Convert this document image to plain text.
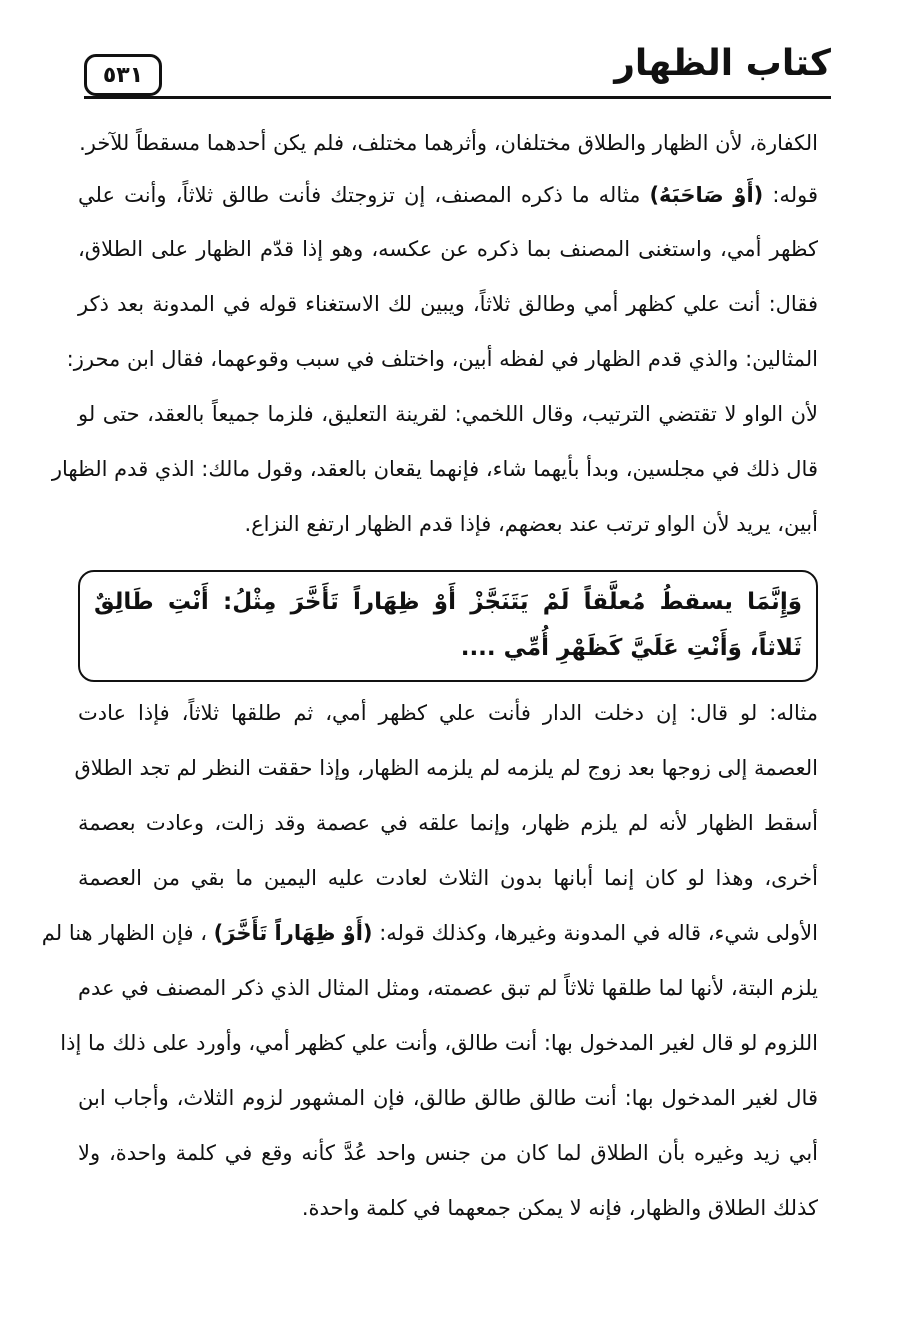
كتاب الظهار
٥٣١
الكفارة، لأن الظهار والطلاق مختلفان، وأثرهما مختلف، فلم يكن أحدهما مسقطاً للآخر.
قوله: (أَوْ صَاحَبَهُ) مثاله ما ذكره المصنف، إن تزوجتك فأنت طالق ثلاثاً، وأنت علي
كظهر أمي، واستغنى المصنف بما ذكره عن عكسه، وهو إذا قدّم الظهار على الطلاق،
فقال: أنت علي كظهر أمي وطالق ثلاثاً، ويبين لك الاستغناء قوله في المدونة بعد ذكر
المثالين: والذي قدم الظهار في لفظه أبين، واختلف في سبب وقوعهما، فقال ابن محرز:
لأن الواو لا تقتضي الترتيب، وقال اللخمي: لقرينة التعليق، فلزما جميعاً بالعقد، حتى لو
قال ذلك في مجلسين، وبدأ بأيهما شاء، فإنهما يقعان بالعقد، وقول مالك: الذي قدم الظهار
أبين، يريد لأن الواو ترتب عند بعضهم، فإذا قدم الظهار ارتفع النزاع.
وَإِنَّمَا يسقطُ مُعلَّقاً لَمْ يَتَنَجَّزْ أَوْ ظِهَاراً تَأَخَّرَ مِثْلُ: أَنْتِ طَالِقٌ
ثَلاثاً، وَأَنْتِ عَلَيَّ كَظَهْرِ أُمِّي ....
مثاله: لو قال: إن دخلت الدار فأنت علي كظهر أمي، ثم طلقها ثلاثاً، فإذا عادت
العصمة إلى زوجها بعد زوج لم يلزمه لم يلزمه الظهار، وإذا حققت النظر لم تجد الطلاق
أسقط الظهار لأنه لم يلزم ظهار، وإنما علقه في عصمة وقد زالت، وعادت بعصمة
أخرى، وهذا لو كان إنما أبانها بدون الثلاث لعادت عليه اليمين ما بقي من العصمة
الأولى شيء، قاله في المدونة وغيرها، وكذلك قوله: (أَوْ ظِهَاراً تَأَخَّرَ) ، فإن الظهار هنا لم
يلزم البتة، لأنها لما طلقها ثلاثاً لم تبق عصمته، ومثل المثال الذي ذكر المصنف في عدم
اللزوم لو قال لغير المدخول بها: أنت طالق، وأنت علي كظهر أمي، وأورد على ذلك ما إذا
قال لغير المدخول بها: أنت طالق طالق طالق، فإن المشهور لزوم الثلاث، وأجاب ابن
أبي زيد وغيره بأن الطلاق لما كان من جنس واحد عُدَّ كأنه وقع في كلمة واحدة، ولا
كذلك الطلاق والظهار، فإنه لا يمكن جمعهما في كلمة واحدة.
